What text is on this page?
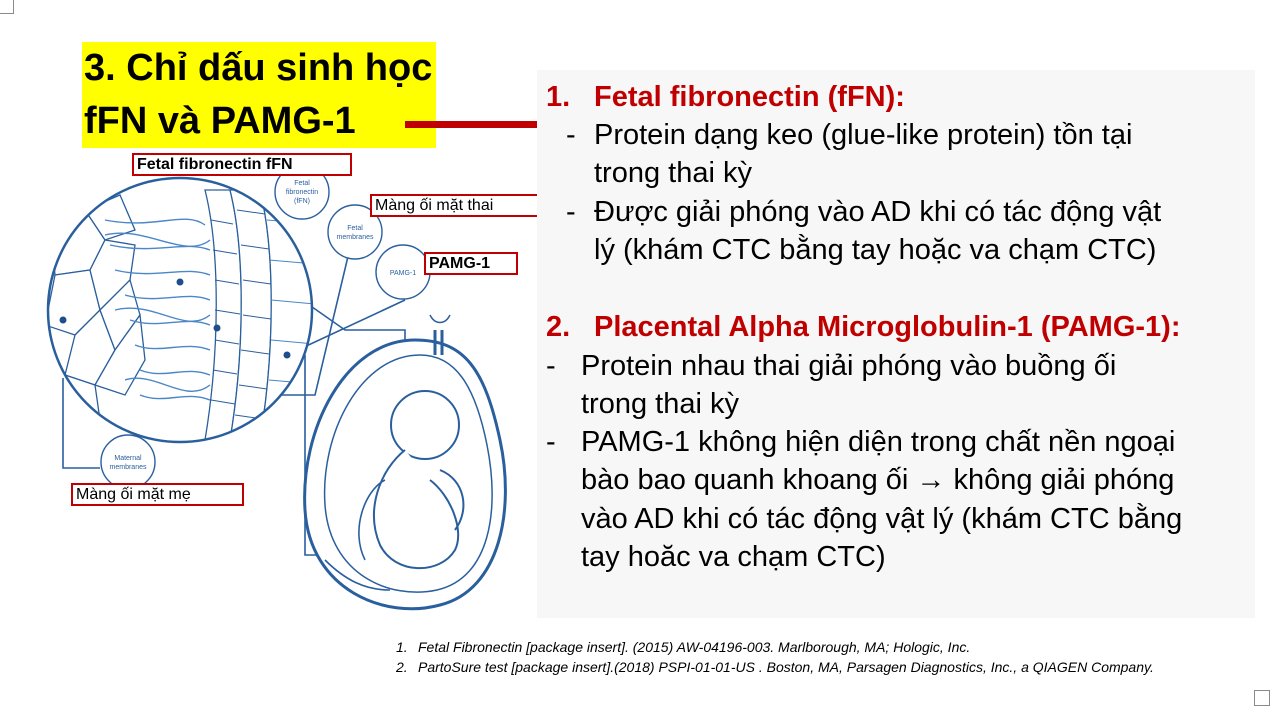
3. Chỉ dấu sinh học
fFN và PAMG-1
Fetal
fibronectin
(fFN)
Fetal
membranes
PAMG-1
Maternal
membranes
Fetal fibronectin fFN
Màng ối mặt thai
PAMG-1
Màng ối mặt mẹ
1. Fetal fibronectin (fFN):
- Protein dạng keo (glue-like protein) tồn tại
trong thai kỳ
- Được giải phóng vào AD khi có tác động vật
lý (khám CTC bằng tay hoặc va chạm CTC)
2. Placental Alpha Microglobulin-1 (PAMG-1):
- Protein nhau thai giải phóng vào buồng ối
trong thai kỳ
- PAMG-1 không hiện diện trong chất nền ngoại
bào bao quanh khoang ối → không giải phóng
vào AD khi có tác động vật lý (khám CTC bằng
tay hoăc va chạm CTC)
1. Fetal Fibronectin [package insert]. (2015) AW-04196-003. Marlborough, MA; Hologic, Inc.
2. PartoSure test [package insert].(2018) PSPI-01-01-US . Boston, MA, Parsagen Diagnostics, Inc., a QIAGEN Company.
